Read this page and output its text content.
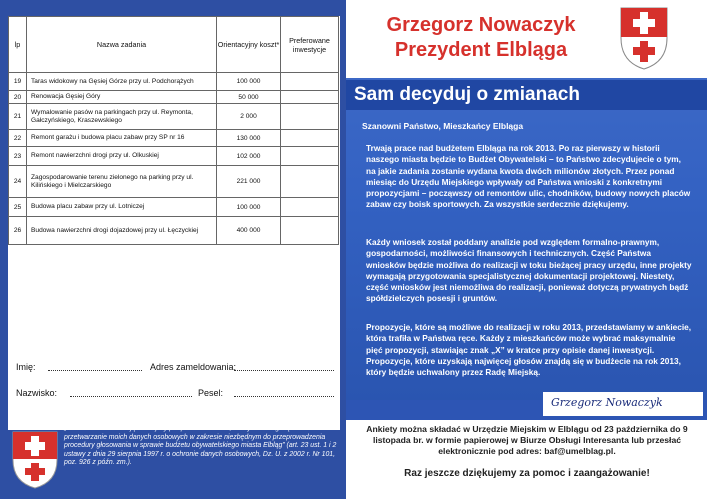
lp	Nazwa zadania	Orientacyjny koszt*	Preferowane inwestycje
19	Taras widokowy na Gęsiej Górze przy ul. Podchorążych	100 000	
20	Renowacja Gęsiej Góry	50 000	
21	Wymalowanie pasów na parkingach przy ul. Reymonta, Gałczyńskiego, Kraszewskiego	2 000	
22	Remont garażu i budowa placu zabaw przy SP nr 16	130 000	
23	Remont nawierzchni drogi przy ul. Olkuskiej	102 000	
24	Zagospodarowanie terenu zielonego na parking przy ul. Kilińskiego i Mielczarskiego	221 000	
25	Budowa placu zabaw przy ul. Lotniczej	100 000	
26	Budowa nawierzchni drogi dojazdowej przy ul. Łęczyckiej	400 000	
Imię:	Adres zameldowania:
Nazwisko:	Pesel:
„Jednocześnie składając niniejszy podpis oświadczam, że wyrażam zgodę na przetwarzanie moich danych osobowych w zakresie niezbędnym do przeprowadzenia procedury głosowania w sprawie budżetu obywatelskiego miasta Elbląg” (art. 23 ust. 1 i 2 ustawy z dnia 29 sierpnia 1997 r. o ochronie danych osobowych, Dz. U. z 2002 r. Nr 101, poz. 926 z późn. zm.).
Grzegorz Nowaczyk
Prezydent Elbląga
Sam decyduj o zmianach
Szanowni Państwo, Mieszkańcy Elbląga
Trwają prace nad budżetem Elbląga na rok 2013. Po raz pierwszy w historii naszego miasta będzie to Budżet Obywatelski – to Państwo zdecydujecie o tym, na jakie zadania zostanie wydana kwota dwóch milionów złotych. Przez ponad miesiąc do Urzędu Miejskiego wpływały od Państwa wnioski z konkretnymi propozycjami – począwszy od remontów ulic, chodników, budowy nowych placów zabaw czy boisk sportowych. Za wszystkie serdecznie dziękujemy.
Każdy wniosek został poddany analizie pod względem formalno-prawnym, gospodarności, możliwości finansowych i technicznych. Część Państwa wniosków będzie możliwa do realizacji w toku bieżącej pracy urzędu, inne projekty wymagają przygotowania specjalistycznej dokumentacji projektowej. Niestety, część wniosków jest niemożliwa do realizacji, ponieważ dotyczą prywatnych bądź spółdzielczych posesji i gruntów.
Propozycje, które są możliwe do realizacji w roku 2013, przedstawiamy w ankiecie, która trafiła w Państwa ręce. Każdy z mieszkańców może wybrać maksymalnie pięć propozycji, stawiając znak „X” w kratce przy opisie danej inwestycji. Propozycje, które uzyskają najwięcej głosów znajdą się w budżecie na rok 2013, który będzie uchwalony przez Radę Miejską.
Grzegorz Nowaczyk
Ankiety można składać w Urzędzie Miejskim w Elblągu od 23 października do 9 listopada br. w formie papierowej w Biurze Obsługi Interesanta lub przesłać elektronicznie pod adres: baf@umelblag.pl.
Raz jeszcze dziękujemy za pomoc i zaangażowanie!
